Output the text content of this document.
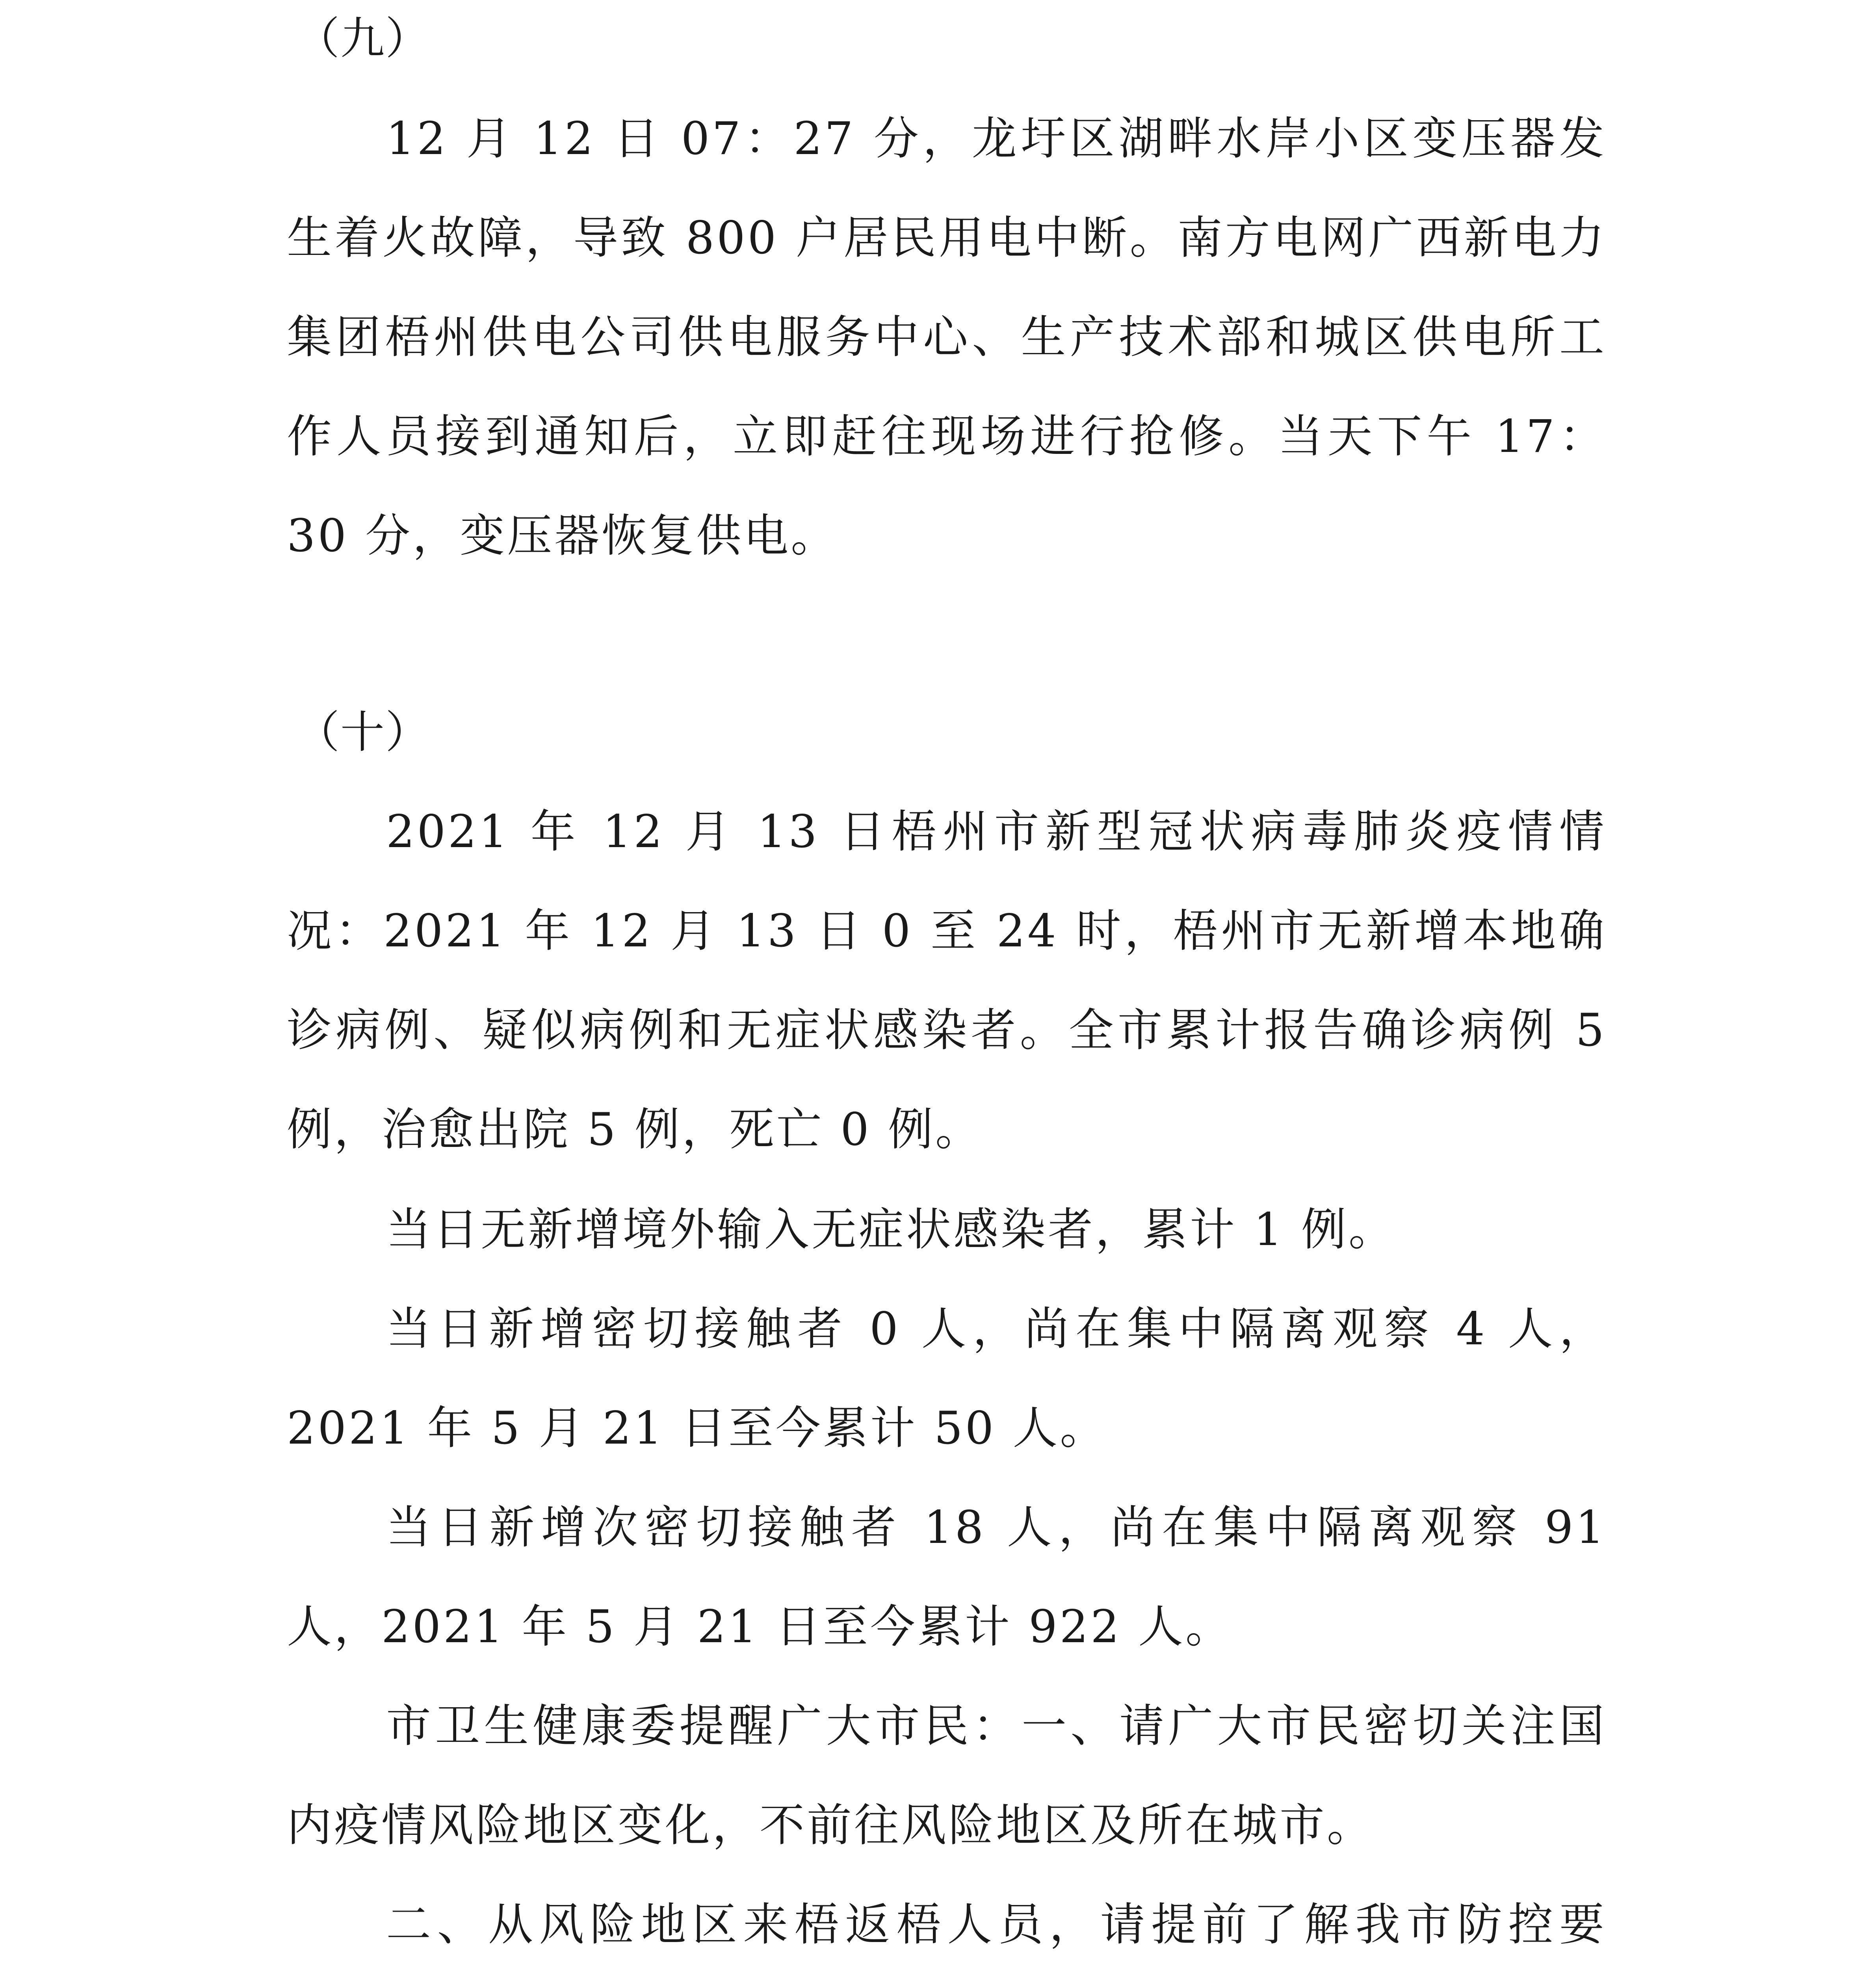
（九）

12 月 12 日 07：27 分，龙圩区湖畔水岸小区变压器发生着火故障，导致 800 户居民用电中断。南方电网广西新电力集团梧州供电公司供电服务中心、生产技术部和城区供电所工作人员接到通知后，立即赶往现场进行抢修。当天下午 17：30 分，变压器恢复供电。

（十）

2021 年 12 月 13 日梧州市新型冠状病毒肺炎疫情情况：2021 年 12 月 13 日 0 至 24 时，梧州市无新增本地确诊病例、疑似病例和无症状感染者。全市累计报告确诊病例 5 例，治愈出院 5 例，死亡 0 例。

当日无新增境外输入无症状感染者，累计 1 例。

当日新增密切接触者 0 人，尚在集中隔离观察 4 人，2021 年 5 月 21 日至今累计 50 人。

当日新增次密切接触者 18 人，尚在集中隔离观察 91 人，2021 年 5 月 21 日至今累计 922 人。

市卫生健康委提醒广大市民：一、请广大市民密切关注国内疫情风险地区变化，不前往风险地区及所在城市。

二、从风险地区来梧返梧人员，请提前了解我市防控要
